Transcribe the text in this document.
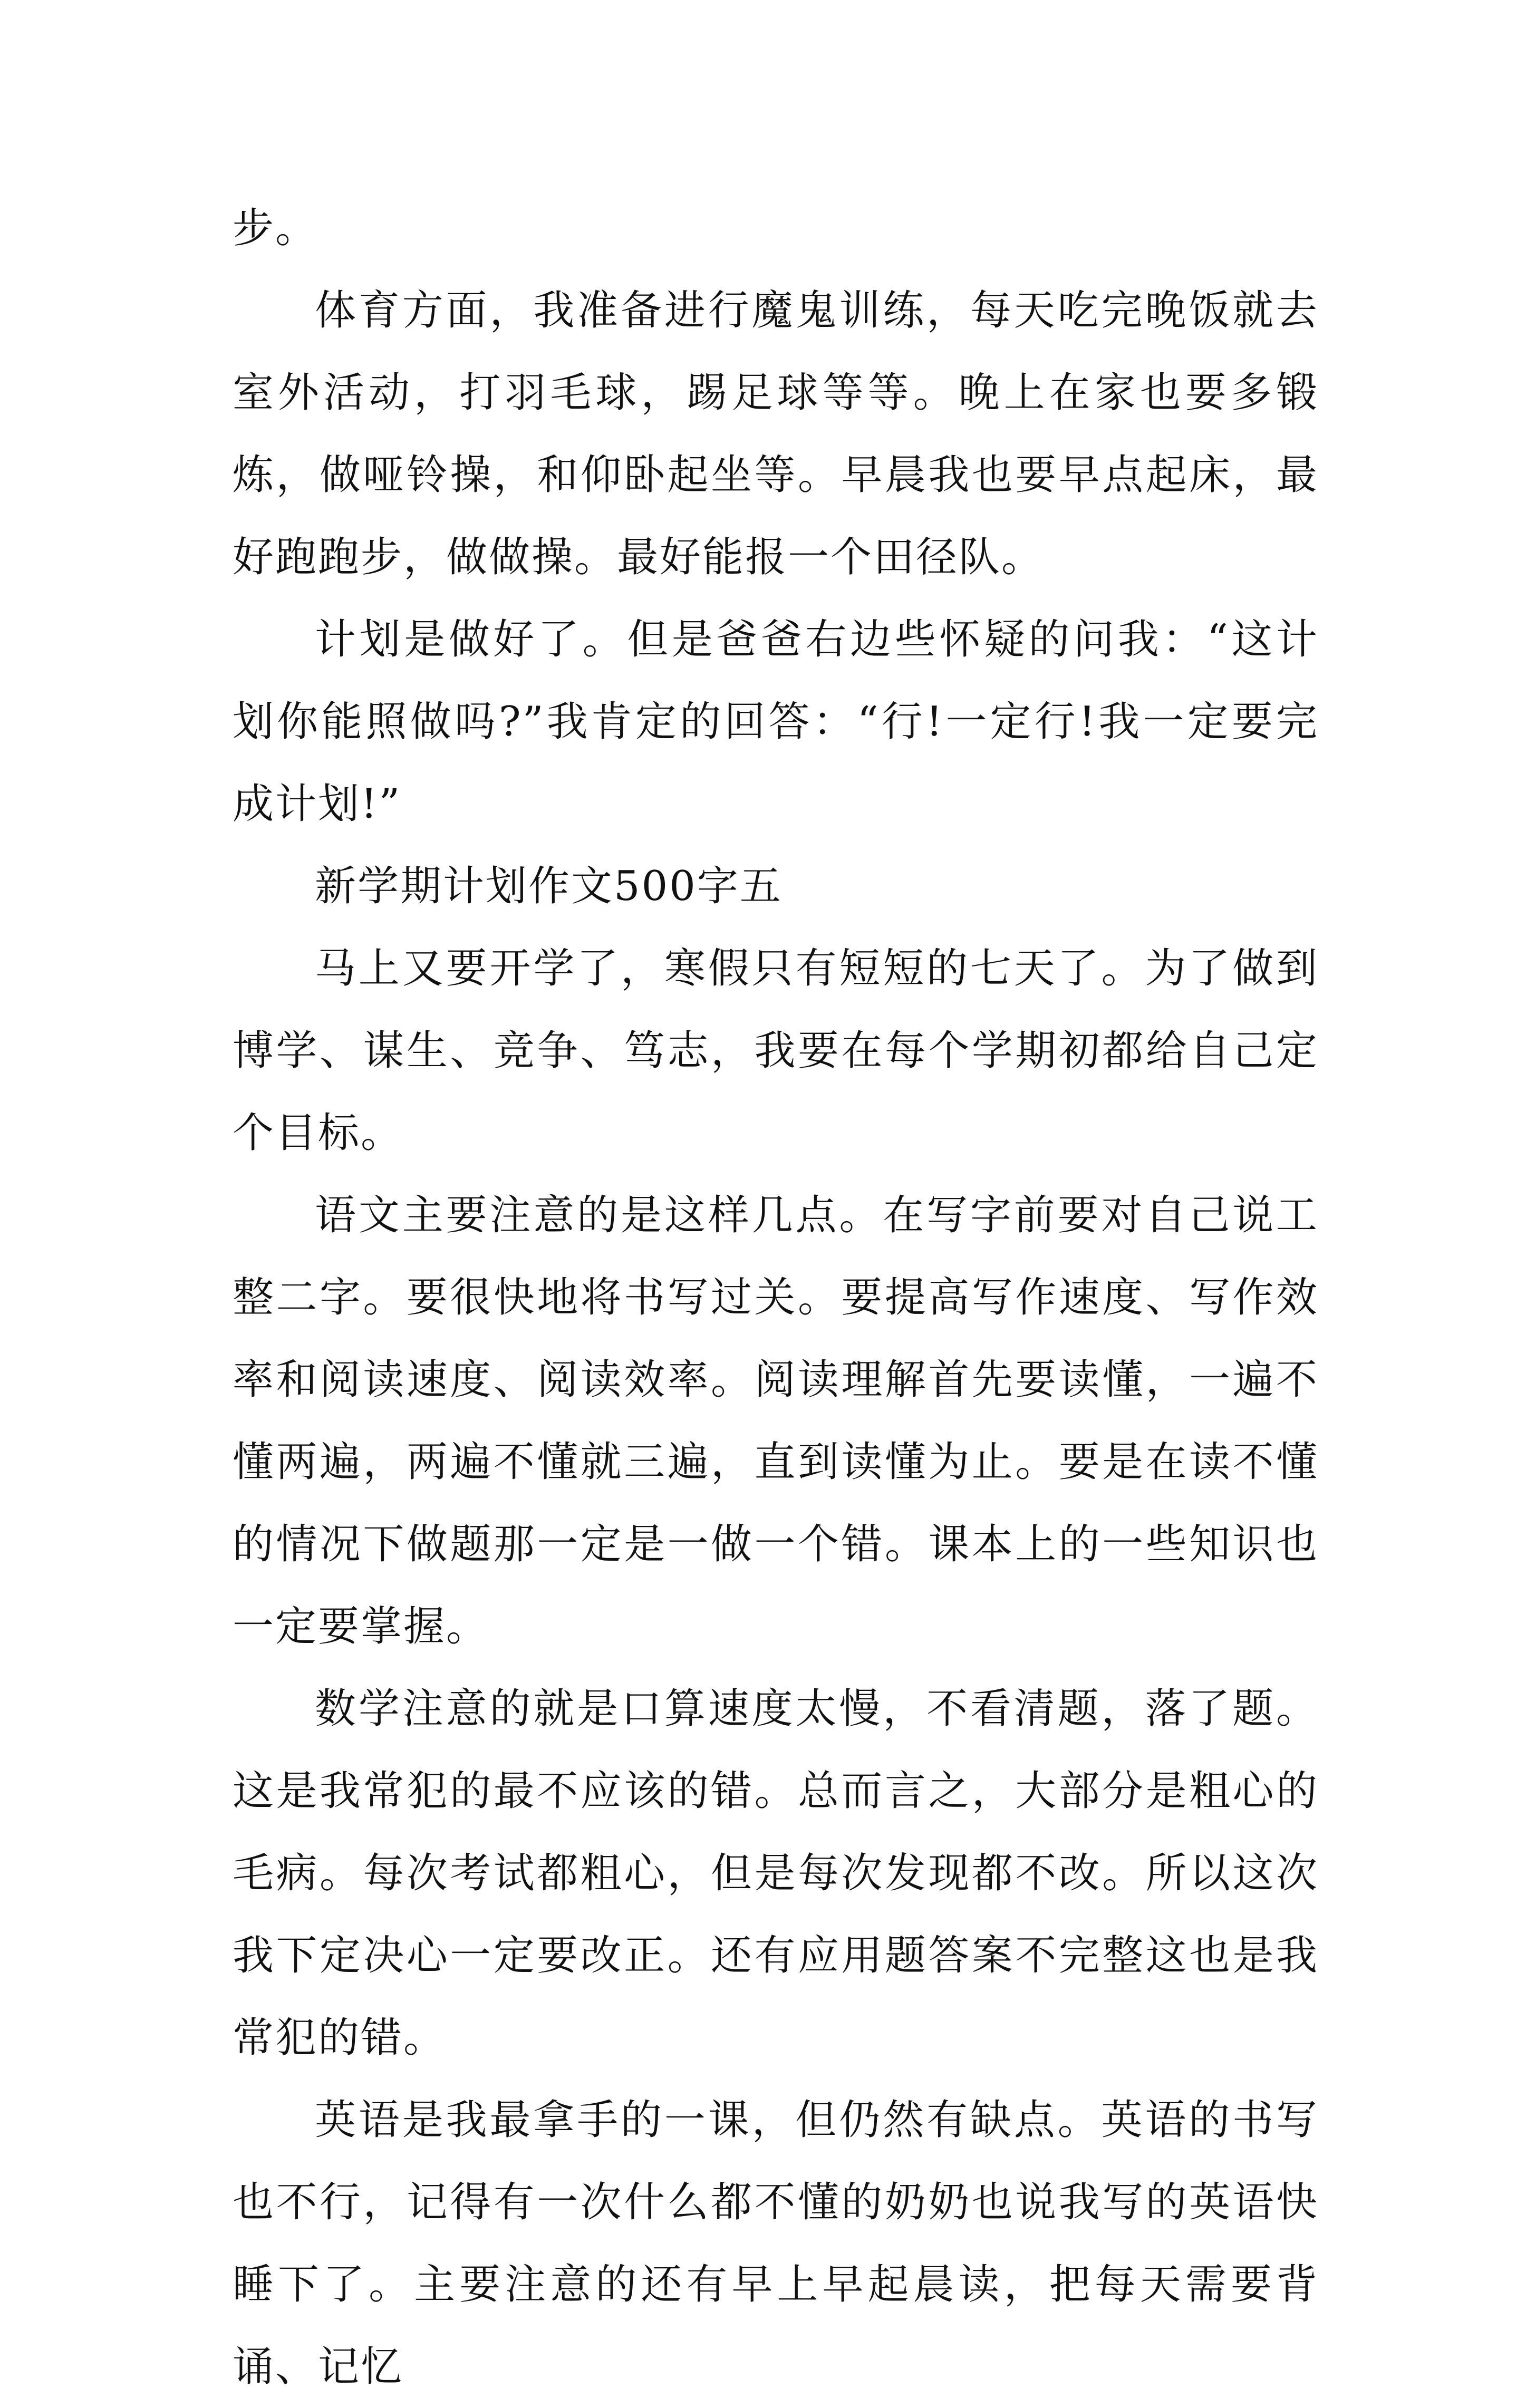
步。

体育方面，我准备进行魔鬼训练，每天吃完晚饭就去室外活动，打羽毛球，踢足球等等。晚上在家也要多锻炼，做哑铃操，和仰卧起坐等。早晨我也要早点起床，最好跑跑步，做做操。最好能报一个田径队。

计划是做好了。但是爸爸右边些怀疑的问我：“这计划你能照做吗?”我肯定的回答：“行!一定行!我一定要完成计划!”

新学期计划作文500字五

马上又要开学了，寒假只有短短的七天了。为了做到博学、谋生、竞争、笃志，我要在每个学期初都给自己定个目标。

语文主要注意的是这样几点。在写字前要对自己说工整二字。要很快地将书写过关。要提高写作速度、写作效率和阅读速度、阅读效率。阅读理解首先要读懂，一遍不懂两遍，两遍不懂就三遍，直到读懂为止。要是在读不懂的情况下做题那一定是一做一个错。课本上的一些知识也一定要掌握。

数学注意的就是口算速度太慢，不看清题，落了题。这是我常犯的最不应该的错。总而言之，大部分是粗心的毛病。每次考试都粗心，但是每次发现都不改。所以这次我下定决心一定要改正。还有应用题答案不完整这也是我常犯的错。

英语是我最拿手的一课，但仍然有缺点。英语的书写也不行，记得有一次什么都不懂的奶奶也说我写的英语快睡下了。主要注意的还有早上早起晨读，把每天需要背诵、记忆
